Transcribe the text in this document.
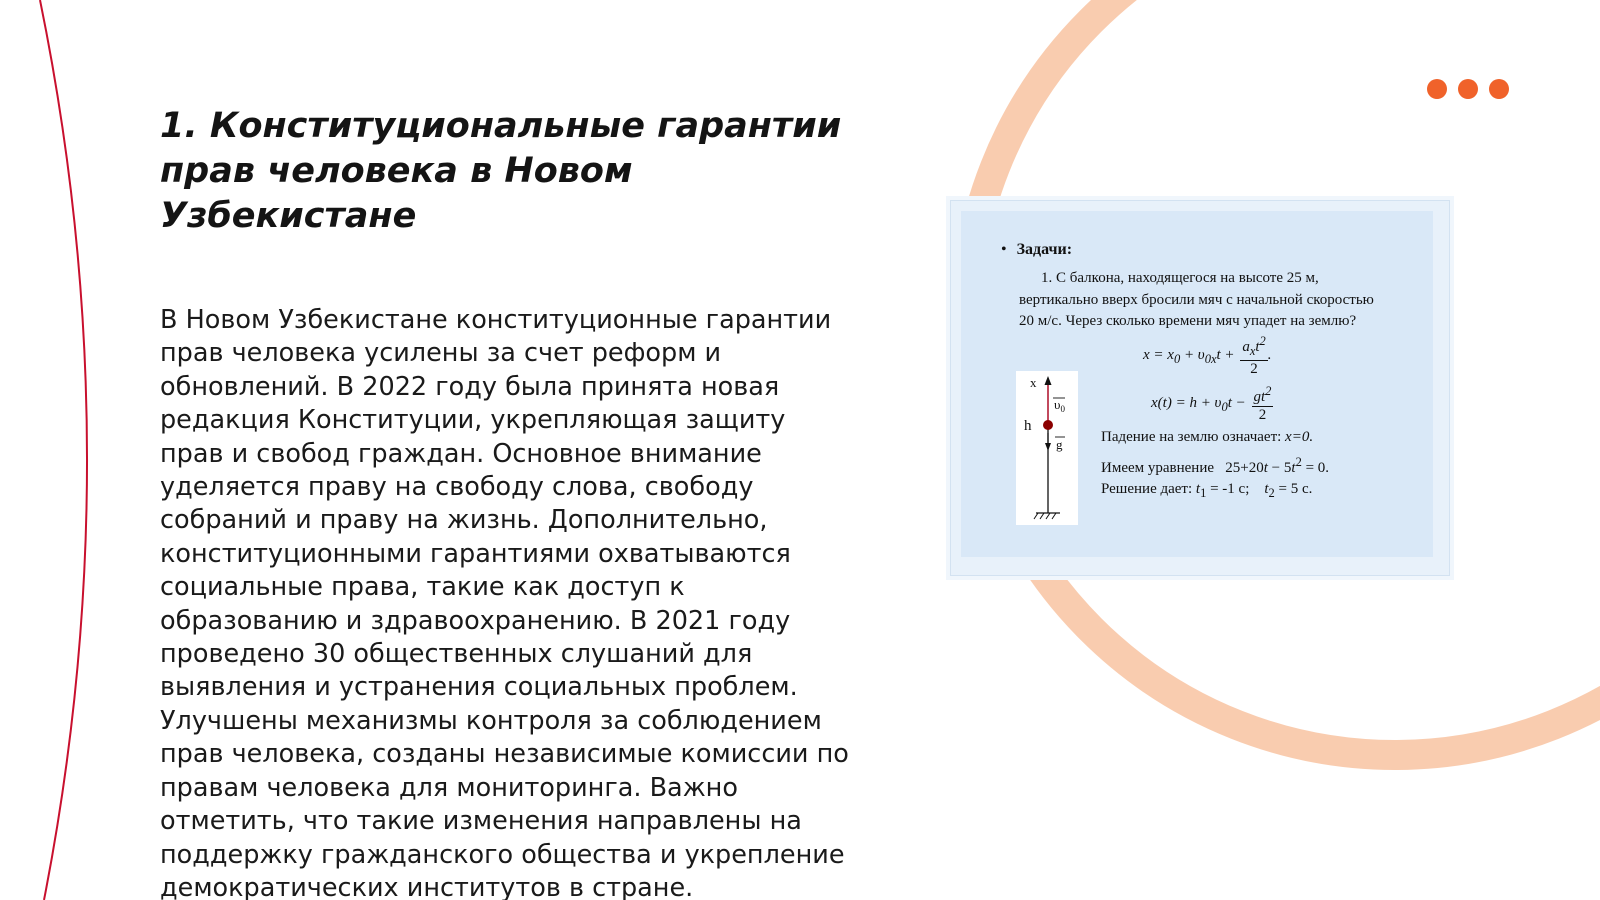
1. Конституциональные гарантии прав человека в Новом Узбекистане

В Новом Узбекистане конституционные гарантии прав человека усилены за счет реформ и обновлений. В 2022 году была принята новая редакция Конституции, укрепляющая защиту прав и свобод граждан. Основное внимание уделяется праву на свободу слова, свободу собраний и праву на жизнь. Дополнительно, конституционными гарантиями охватываются социальные права, такие как доступ к образованию и здравоохранению. В 2021 году проведено 30 общественных слушаний для выявления и устранения социальных проблем. Улучшены механизмы контроля за соблюдением прав человека, созданы независимые комиссии по правам человека для мониторинга. Важно отметить, что такие изменения направлены на поддержку гражданского общества и укрепление демократических институтов в стране.

• Задачи:

1. С балкона, находящегося на высоте 25 м, вертикально вверх бросили мяч с начальной скоростью 20 м/с. Через сколько времени мяч упадет на землю?

x
h
$\upsilon_0$
g
$x = x_0 + \upsilon_{0x}t + \frac{a_xt^2}{2}$ .
$x(t) = h + \upsilon_0t - \frac{gt^2}{2}$
Падение на землю означает: x=0.
Имеем уравнение $25+20t - 5t^2 = 0$.
Решение дает: $t_1 = -1$ с; $t_2 = 5$ с.
